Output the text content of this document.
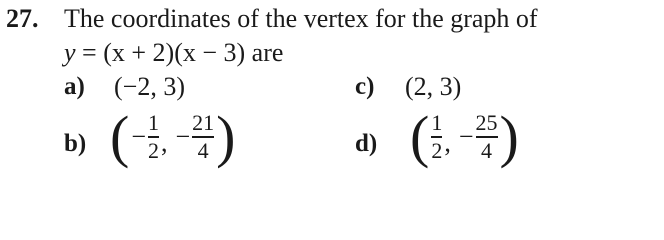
27. The coordinates of the vertex for the graph of
y = (x + 2)(x − 3) are
a) (−2, 3)	c) (2, 3)
b) ( − $\frac{1}{2}$ , − $\frac{21}{4}$ )	d) ( $\frac{1}{2}$ , − $\frac{25}{4}$ )
